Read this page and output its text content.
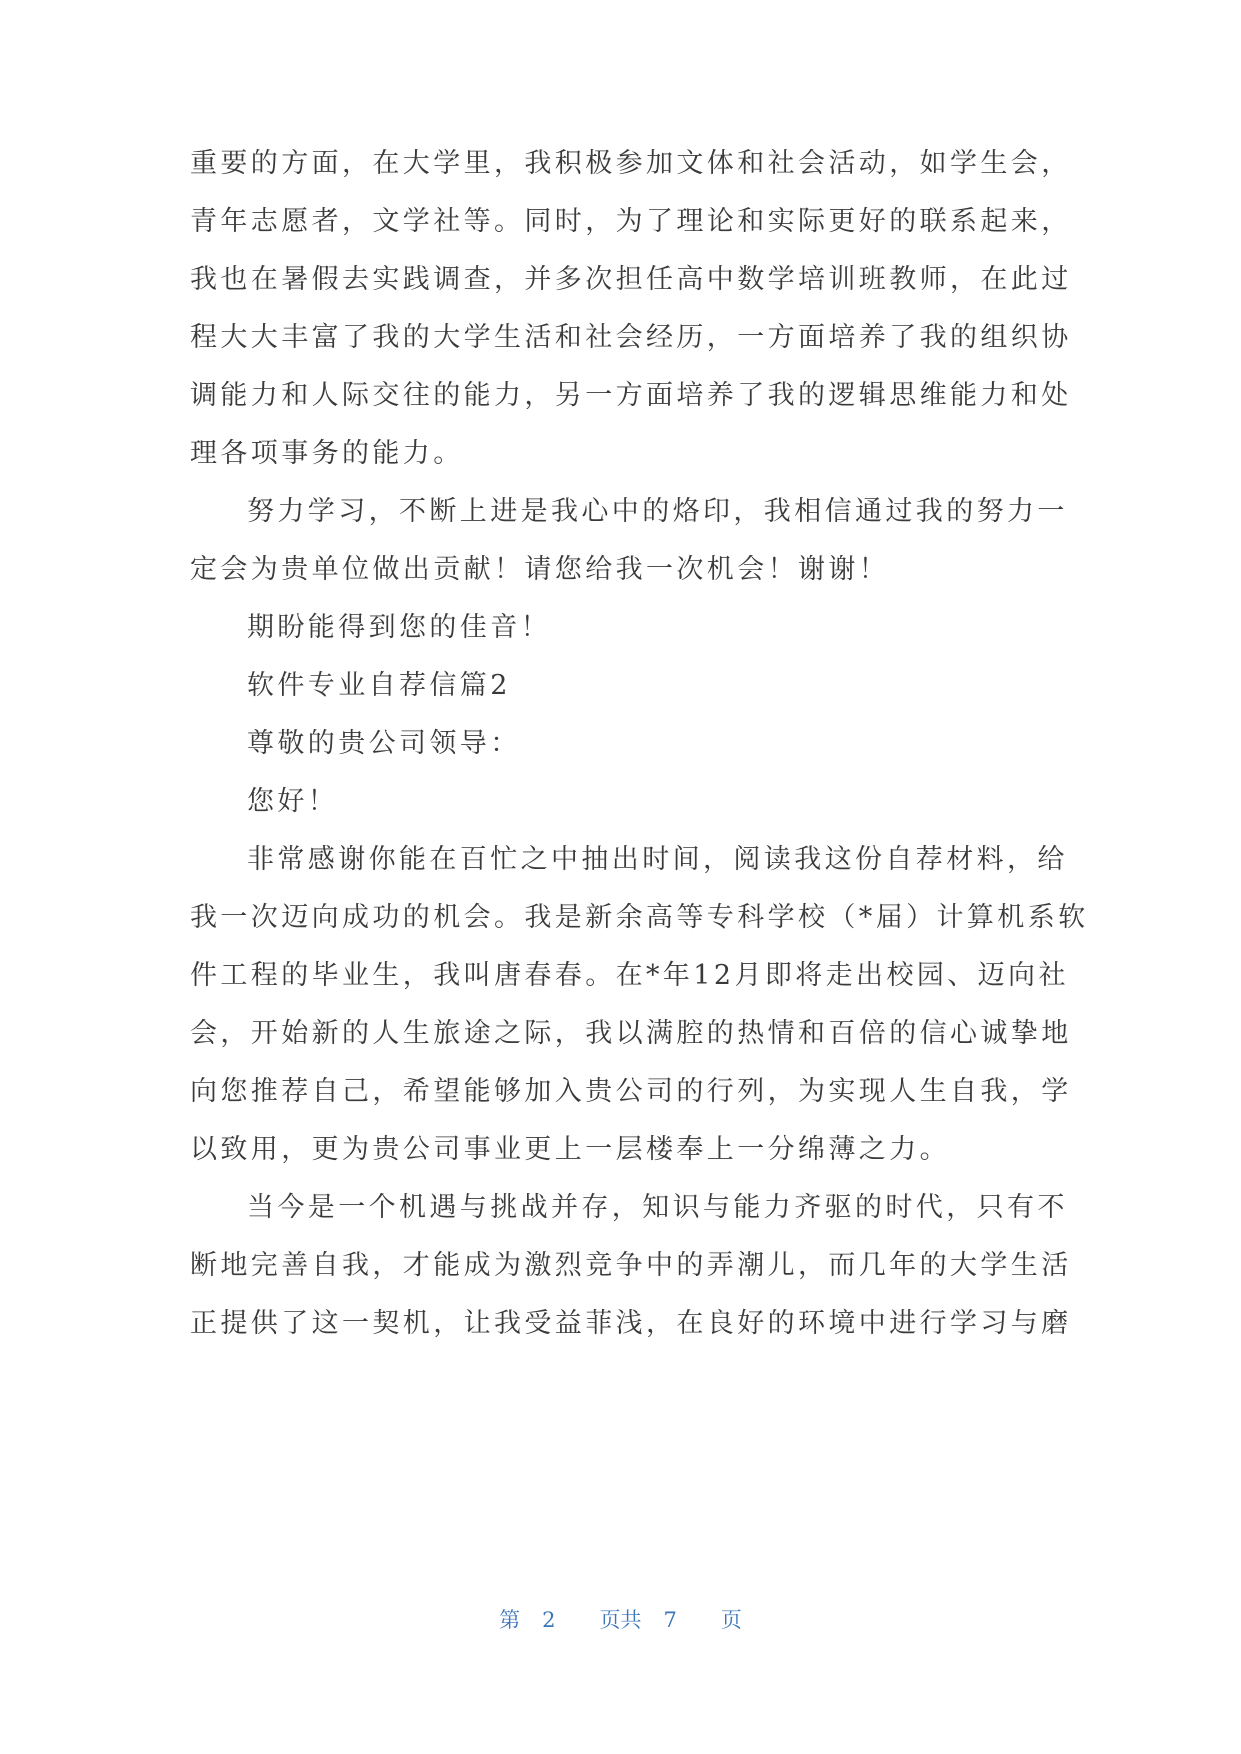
重要的方面，在大学里，我积极参加文体和社会活动，如学生会，
青年志愿者，文学社等。同时，为了理论和实际更好的联系起来，
我也在暑假去实践调查，并多次担任高中数学培训班教师，在此过
程大大丰富了我的大学生活和社会经历，一方面培养了我的组织协
调能力和人际交往的能力，另一方面培养了我的逻辑思维能力和处
理各项事务的能力。
努力学习，不断上进是我心中的烙印，我相信通过我的努力一
定会为贵单位做出贡献！请您给我一次机会！谢谢！
期盼能得到您的佳音！
软件专业自荐信篇2
尊敬的贵公司领导：
您好！
非常感谢你能在百忙之中抽出时间，阅读我这份自荐材料，给
我一次迈向成功的机会。我是新余高等专科学校（*届）计算机系软
件工程的毕业生，我叫唐春春。在*年12月即将走出校园、迈向社
会，开始新的人生旅途之际，我以满腔的热情和百倍的信心诚挚地
向您推荐自己，希望能够加入贵公司的行列，为实现人生自我，学
以致用，更为贵公司事业更上一层楼奉上一分绵薄之力。
当今是一个机遇与挑战并存，知识与能力齐驱的时代，只有不
断地完善自我，才能成为激烈竞争中的弄潮儿，而几年的大学生活
正提供了这一契机，让我受益菲浅，在良好的环境中进行学习与磨
第 2 页共 7 页
